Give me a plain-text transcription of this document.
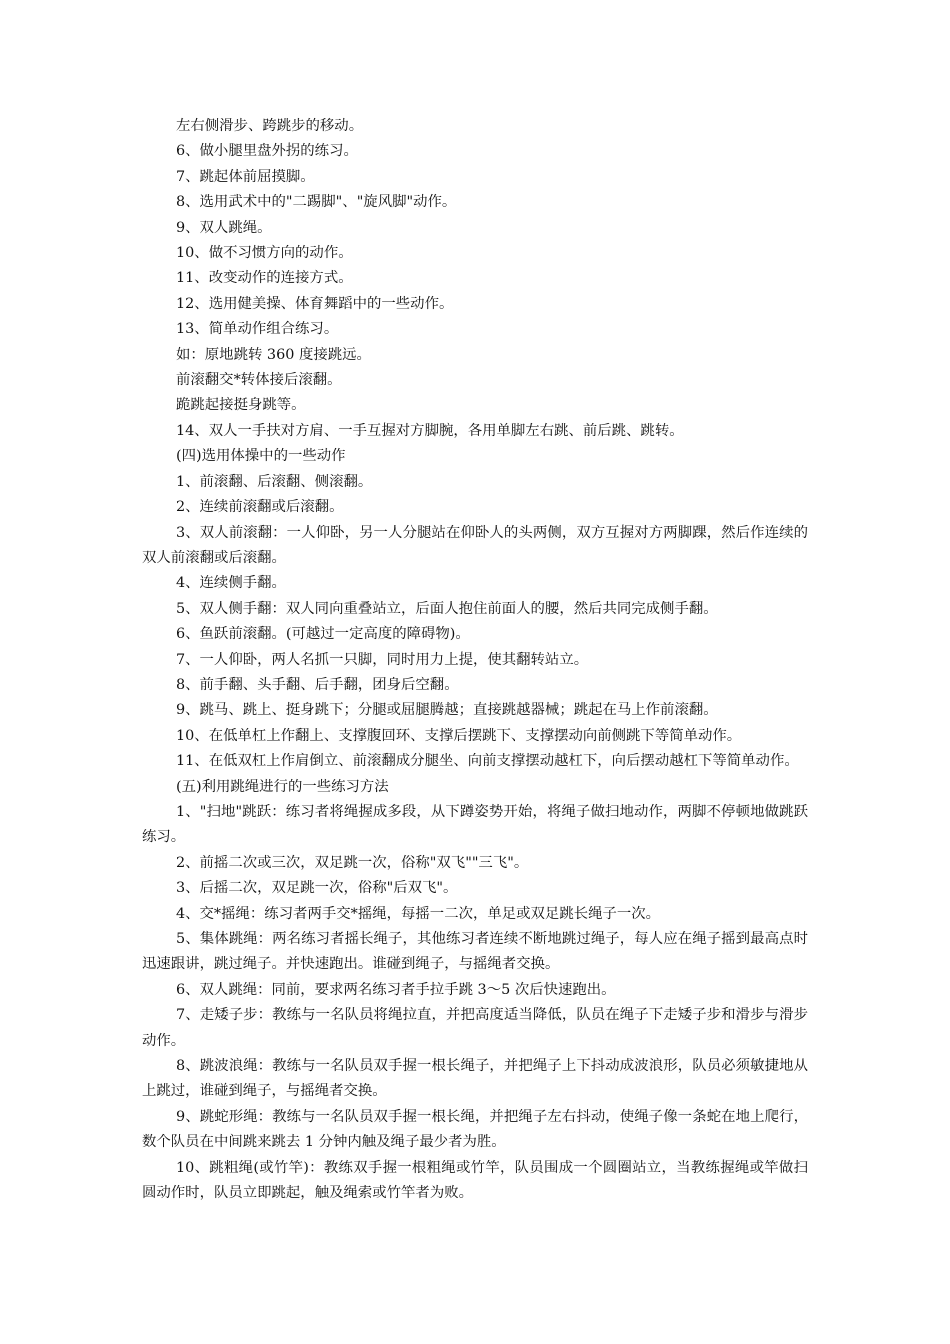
左右侧滑步、跨跳步的移动。

6、做小腿里盘外拐的练习。

7、跳起体前屈摸脚。

8、选用武术中的"二踢脚"、"旋风脚"动作。

9、双人跳绳。

10、做不习惯方向的动作。

11、改变动作的连接方式。

12、选用健美操、体育舞蹈中的一些动作。

13、简单动作组合练习。

如：原地跳转 360 度接跳远。

前滚翻交*转体接后滚翻。

跪跳起接挺身跳等。

14、双人一手扶对方肩、一手互握对方脚腕，各用单脚左右跳、前后跳、跳转。

(四)选用体操中的一些动作

1、前滚翻、后滚翻、侧滚翻。

2、连续前滚翻或后滚翻。

3、双人前滚翻：一人仰卧，另一人分腿站在仰卧人的头两侧，双方互握对方两脚踝，然后作连续的双人前滚翻或后滚翻。

4、连续侧手翻。

5、双人侧手翻：双人同向重叠站立，后面人抱住前面人的腰，然后共同完成侧手翻。

6、鱼跃前滚翻。(可越过一定高度的障碍物)。

7、一人仰卧，两人名抓一只脚，同时用力上提，使其翻转站立。

8、前手翻、头手翻、后手翻，团身后空翻。

9、跳马、跳上、挺身跳下；分腿或屈腿腾越；直接跳越器械；跳起在马上作前滚翻。

10、在低单杠上作翻上、支撑腹回环、支撑后摆跳下、支撑摆动向前侧跳下等简单动作。

11、在低双杠上作肩倒立、前滚翻成分腿坐、向前支撑摆动越杠下，向后摆动越杠下等简单动作。

(五)利用跳绳进行的一些练习方法

1、"扫地"跳跃：练习者将绳握成多段，从下蹲姿势开始，将绳子做扫地动作，两脚不停顿地做跳跃练习。

2、前摇二次或三次，双足跳一次，俗称"双飞""三飞"。

3、后摇二次，双足跳一次，俗称"后双飞"。

4、交*摇绳：练习者两手交*摇绳，每摇一二次，单足或双足跳长绳子一次。

5、集体跳绳：两名练习者摇长绳子，其他练习者连续不断地跳过绳子，每人应在绳子摇到最高点时迅速跟讲，跳过绳子。并快速跑出。谁碰到绳子，与摇绳者交换。

6、双人跳绳：同前，要求两名练习者手拉手跳 3～5 次后快速跑出。

7、走矮子步：教练与一名队员将绳拉直，并把高度适当降低，队员在绳子下走矮子步和滑步与滑步动作。

8、跳波浪绳：教练与一名队员双手握一根长绳子，并把绳子上下抖动成波浪形，队员必须敏捷地从上跳过，谁碰到绳子，与摇绳者交换。

9、跳蛇形绳：教练与一名队员双手握一根长绳，并把绳子左右抖动，使绳子像一条蛇在地上爬行，数个队员在中间跳来跳去 1 分钟内触及绳子最少者为胜。

10、跳粗绳(或竹竿)：教练双手握一根粗绳或竹竿，队员围成一个圆圈站立，当教练握绳或竿做扫圆动作时，队员立即跳起，触及绳索或竹竿者为败。
